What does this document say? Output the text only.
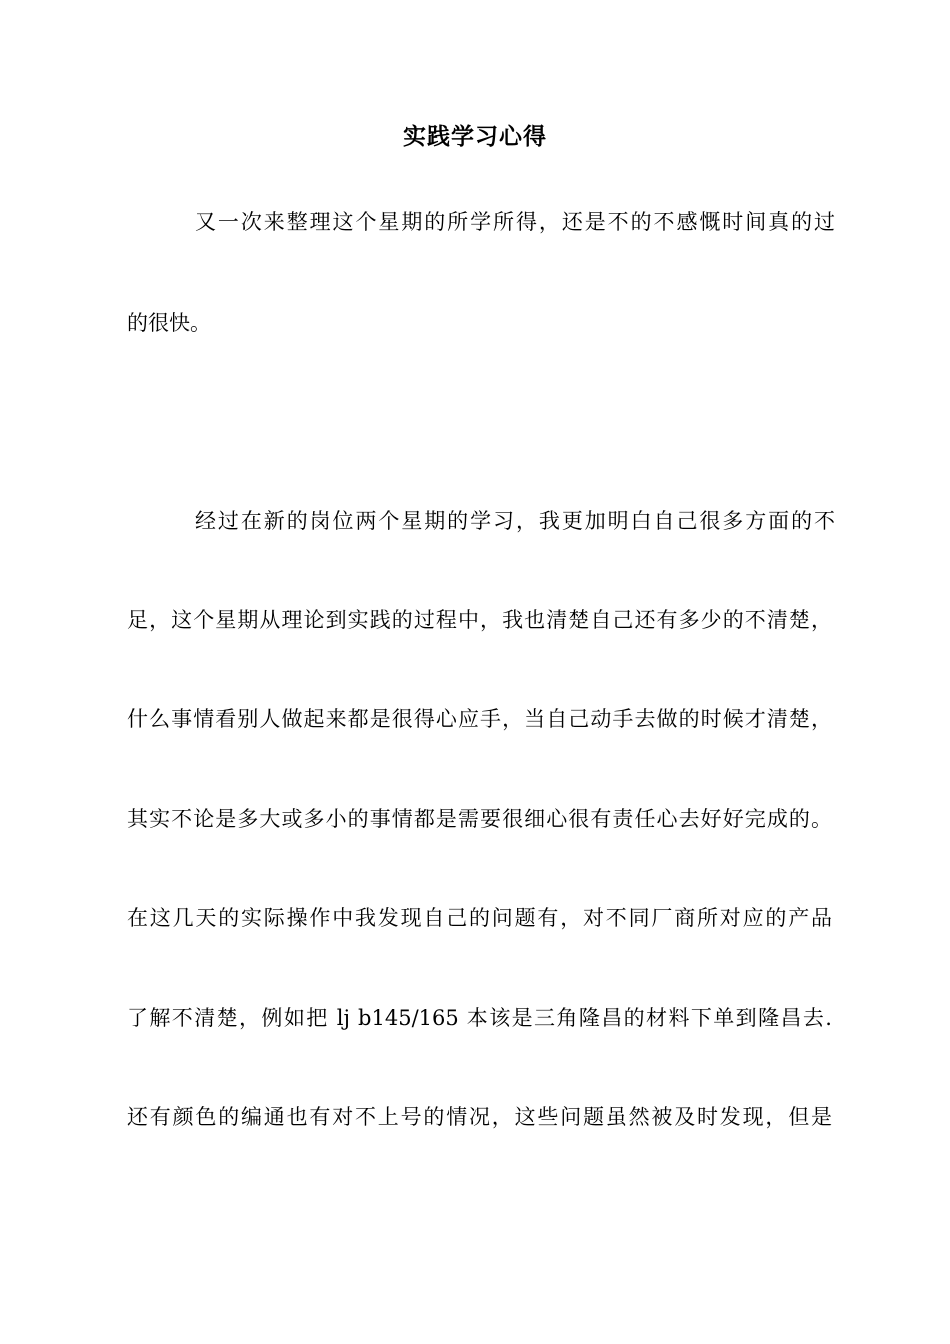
实践学习心得
又一次来整理这个星期的所学所得，还是不的不感慨时间真的过
的很快。
经过在新的岗位两个星期的学习，我更加明白自己很多方面的不
足，这个星期从理论到实践的过程中，我也清楚自己还有多少的不清楚，
什么事情看别人做起来都是很得心应手，当自己动手去做的时候才清楚，
其实不论是多大或多小的事情都是需要很细心很有责任心去好好完成的。
在这几天的实际操作中我发现自己的问题有，对不同厂商所对应的产品
了解不清楚，例如把 lj b145/165 本该是三角隆昌的材料下单到隆昌去.
还有颜色的编通也有对不上号的情况，这些问题虽然被及时发现，但是
